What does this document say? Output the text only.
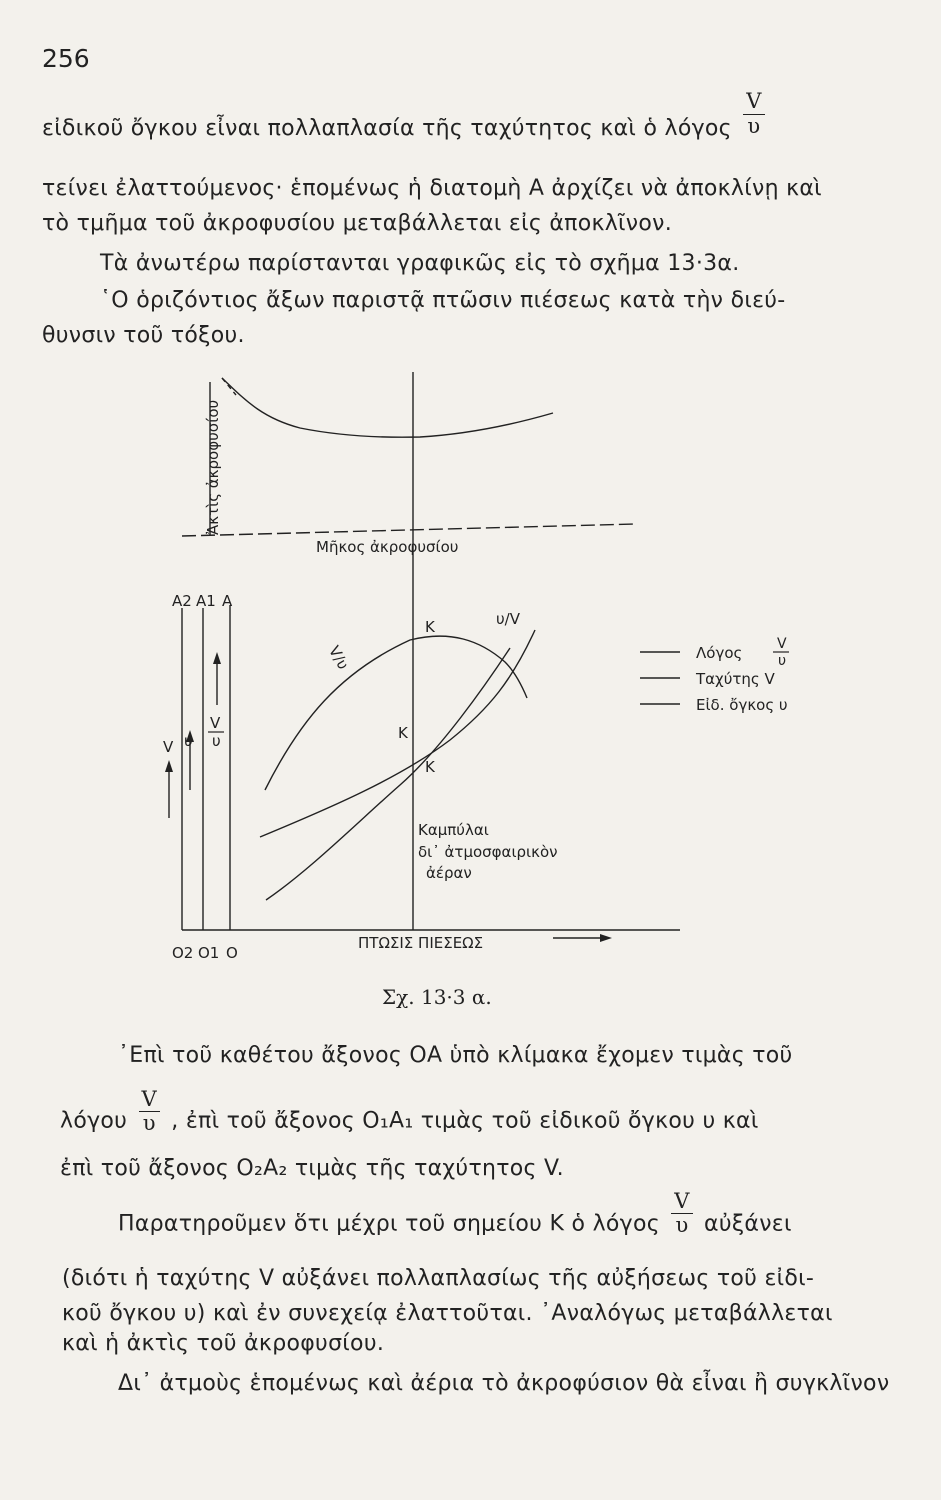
256
εἰδικοῦ ὄγκου εἶναι πολλαπλασία τῆς ταχύτητος καὶ ὁ λόγος $\frac{V}{\upsilon}$
τείνει ἐλαττούμενος· ἑπομένως ἡ διατομὴ Α ἀρχίζει νὰ ἀποκλίνῃ καὶ
τὸ τμῆμα τοῦ ἀκροφυσίου μεταβάλλεται εἰς ἀποκλῖνον.
Τὰ ἀνωτέρω παρίστανται γραφικῶς εἰς τὸ σχῆμα 13·3α.
῾Ο ὁριζόντιος ἄξων παριστᾷ πτῶσιν πιέσεως κατὰ τὴν διεύ-
θυνσιν τοῦ τόξου.
Ἀκτὶς ἀκροφυσίου
Μῆκος ἀκροφυσίου
A2 A1 A
O2 O1 O
V υ
V
υ
V/υ
υ/V
K
K
K
Καμπύλαι
δι᾽ ἀτμοσφαιρικὸν
ἀέραν
ΠΤΩΣΙΣ ΠΙΕΣΕΩΣ
Λόγος V
υ
Ταχύτης V
Εἰδ. ὄγκος υ
Σχ. 13·3 α.
᾽Επὶ τοῦ καθέτου ἄξονος ΟΑ ὑπὸ κλίμακα ἔχομεν τιμὰς τοῦ
λόγου $\frac{V}{\upsilon}$ , ἐπὶ τοῦ ἄξονος Ο₁Α₁ τιμὰς τοῦ εἰδικοῦ ὄγκου υ καὶ
ἐπὶ τοῦ ἄξονος Ο₂Α₂ τιμὰς τῆς ταχύτητος V.
Παρατηροῦμεν ὅτι μέχρι τοῦ σημείου Κ ὁ λόγος $\frac{V}{\upsilon}$ αὐξάνει
(διότι ἡ ταχύτης V αὐξάνει πολλαπλασίως τῆς αὐξήσεως τοῦ εἰδι-
κοῦ ὄγκου υ) καὶ ἐν συνεχείᾳ ἐλαττοῦται. ᾽Αναλόγως μεταβάλλεται
καὶ ἡ ἀκτὶς τοῦ ἀκροφυσίου.
Δι᾽ ἀτμοὺς ἑπομένως καὶ ἀέρια τὸ ἀκροφύσιον θὰ εἶναι ἢ συγκλῖνον
